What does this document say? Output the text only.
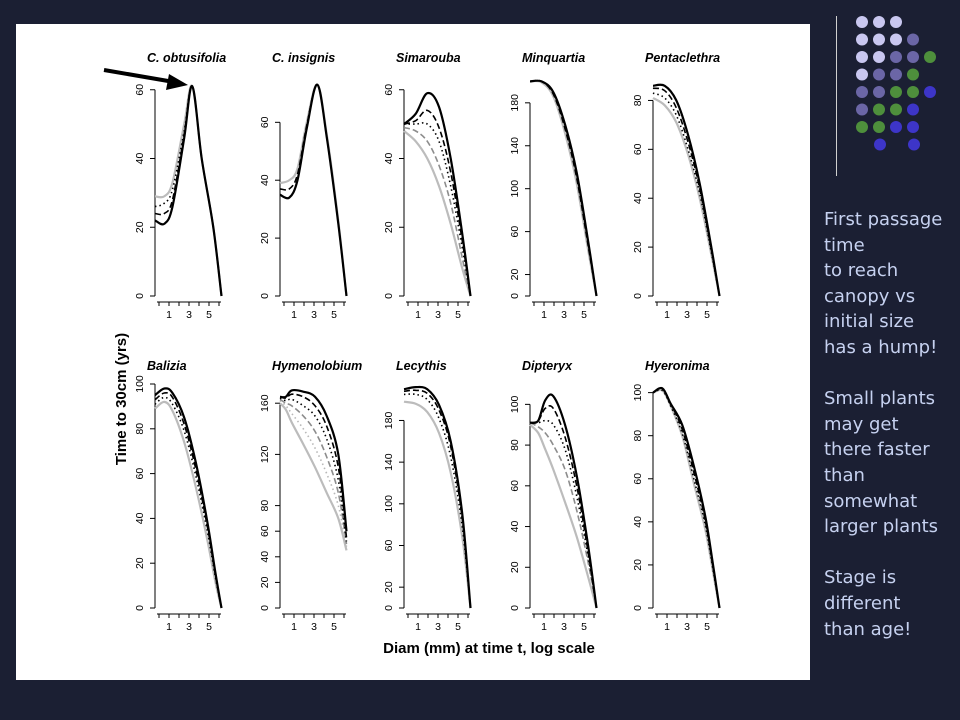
C. obtusifolia
0
20
40
60
1 3 5
C. insignis
0
20
40
60
1 3 5
Simarouba
0
20
40
60
1 3 5
Minquartia
0
20
60
100
140
180
1 3 5
Pentaclethra
0
20
40
60
80
1 3 5
Balizia
0
20
40
60
80
100
1 3 5
Hymenolobium
0
20
40
60
80
120
160
1 3 5
Lecythis
0
20
60
100
140
180
1 3 5
Dipteryx
0
20
40
60
80
100
1 3 5
Hyeronima
0
20
40
60
80
100
1 3 5
Time to 30cm (yrs)
Diam (mm) at time t, log scale
First passage
time
to reach
canopy vs
initial size
has a hump!
Small plants
may get
there faster
than
somewhat
larger plants
Stage is
different
than age!
